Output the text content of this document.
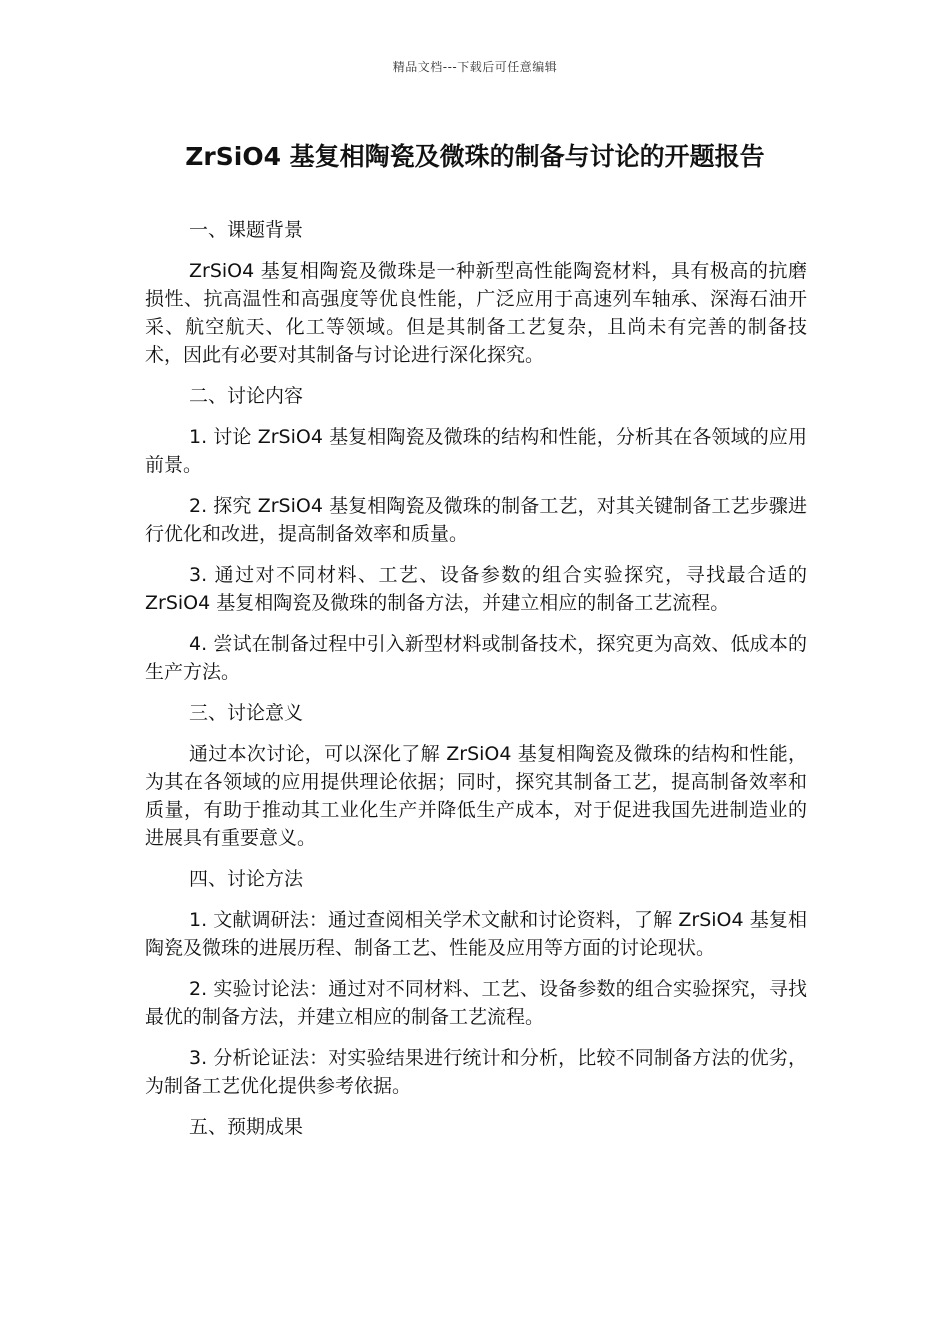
精品文档---下载后可任意编辑
ZrSiO4 基复相陶瓷及微珠的制备与讨论的开题报告

一、课题背景

ZrSiO4 基复相陶瓷及微珠是一种新型高性能陶瓷材料，具有极高的抗磨损性、抗高温性和高强度等优良性能，广泛应用于高速列车轴承、深海石油开采、航空航天、化工等领域。但是其制备工艺复杂，且尚未有完善的制备技术，因此有必要对其制备与讨论进行深化探究。

二、讨论内容

1. 讨论 ZrSiO4 基复相陶瓷及微珠的结构和性能，分析其在各领域的应用前景。

2. 探究 ZrSiO4 基复相陶瓷及微珠的制备工艺，对其关键制备工艺步骤进行优化和改进，提高制备效率和质量。

3. 通过对不同材料、工艺、设备参数的组合实验探究，寻找最合适的 ZrSiO4 基复相陶瓷及微珠的制备方法，并建立相应的制备工艺流程。

4. 尝试在制备过程中引入新型材料或制备技术，探究更为高效、低成本的生产方法。

三、讨论意义

通过本次讨论，可以深化了解 ZrSiO4 基复相陶瓷及微珠的结构和性能，为其在各领域的应用提供理论依据；同时，探究其制备工艺，提高制备效率和质量，有助于推动其工业化生产并降低生产成本，对于促进我国先进制造业的进展具有重要意义。

四、讨论方法

1. 文献调研法：通过查阅相关学术文献和讨论资料，了解 ZrSiO4 基复相陶瓷及微珠的进展历程、制备工艺、性能及应用等方面的讨论现状。

2. 实验讨论法：通过对不同材料、工艺、设备参数的组合实验探究，寻找最优的制备方法，并建立相应的制备工艺流程。

3. 分析论证法：对实验结果进行统计和分析，比较不同制备方法的优劣，为制备工艺优化提供参考依据。

五、预期成果
